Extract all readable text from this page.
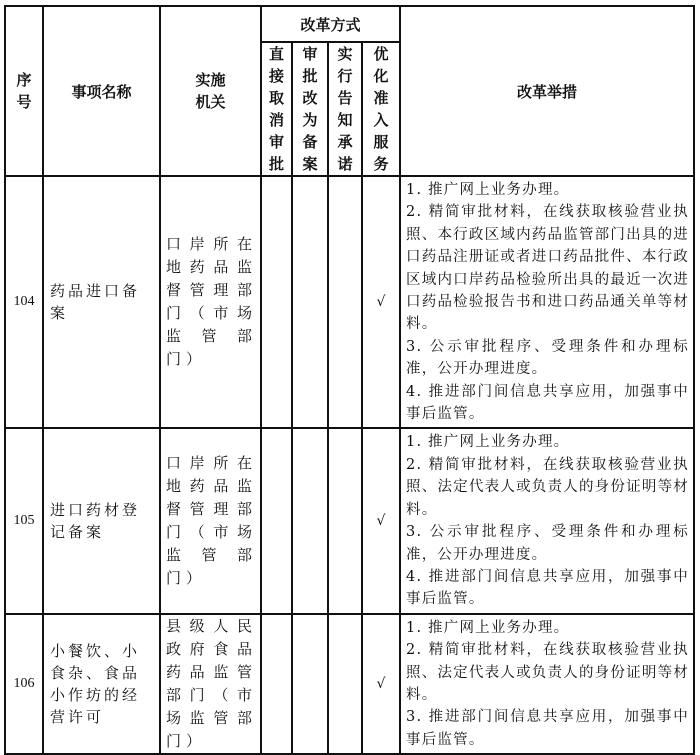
序号	事项名称	实施机关	改革方式				改革举措

			直接取消审批	审批改为备案	实行告知承诺	优化准入服务	

104	药品进口备案	口岸所在地药品监督管理部门（市场监管部门）				√	1. 推广网上业务办理。
2. 精简审批材料，在线获取核验营业执照、本行政区域内药品监管部门出具的进口药品注册证或者进口药品批件、本行政区域内口岸药品检验所出具的最近一次进口药品检验报告书和进口药品通关单等材料。
3. 公示审批程序、受理条件和办理标准，公开办理进度。
4. 推进部门间信息共享应用，加强事中事后监管。

105	进口药材登记备案	口岸所在地药品监督管理部门（市场监管部门）				√	1. 推广网上业务办理。
2. 精简审批材料，在线获取核验营业执照、法定代表人或负责人的身份证明等材料。
3. 公示审批程序、受理条件和办理标准，公开办理进度。
4. 推进部门间信息共享应用，加强事中事后监管。

106	小餐饮、小食杂、食品小作坊的经营许可	县级人民政府食品药品监管部门（市场监管部门）				√	1. 推广网上业务办理。
2. 精简审批材料，在线获取核验营业执照、法定代表人或负责人的身份证明等材料。
3. 推进部门间信息共享应用，加强事中事后监管。
